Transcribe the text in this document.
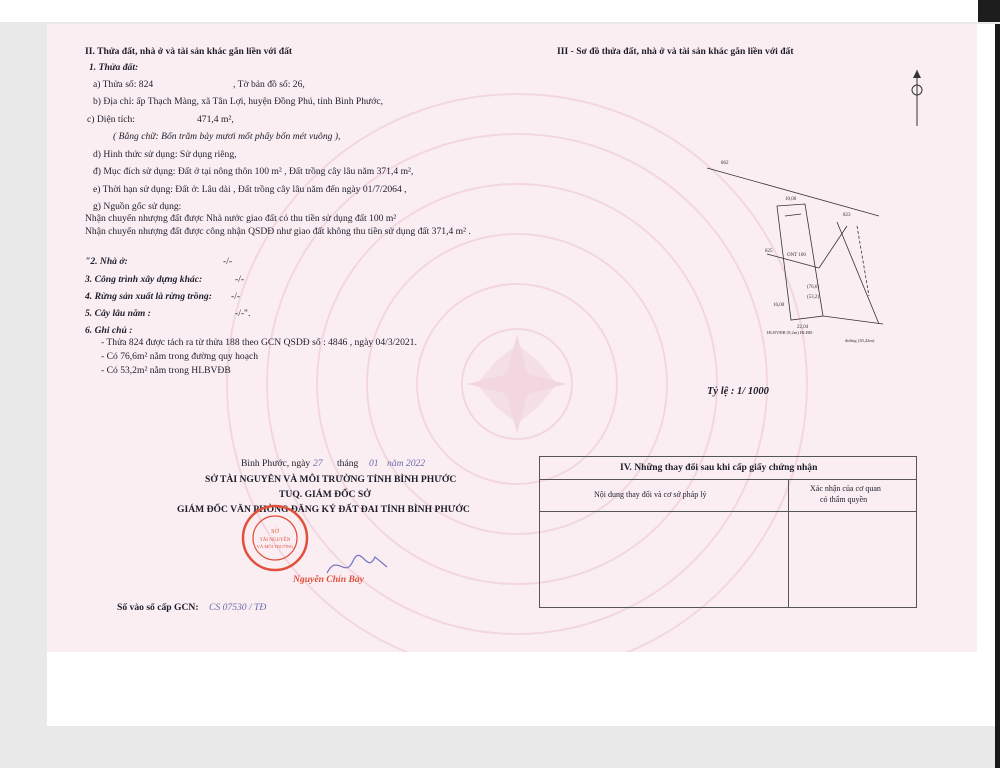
II. Thửa đất, nhà ở và tài sản khác gắn liền với đất
1. Thửa đất:
a) Thửa số: 824	, Tờ bản đồ số: 26,
b) Địa chỉ: ấp Thạch Màng, xã Tân Lợi, huyện Đồng Phú, tỉnh Bình Phước,
c) Diện tích:	471,4 m²,
( Bằng chữ: Bốn trăm bảy mươi mốt phẩy bốn mét vuông ),
d) Hình thức sử dụng: Sử dụng riêng,
đ) Mục đích sử dụng: Đất ở tại nông thôn 100 m² , Đất trồng cây lâu năm 371,4 m²,
e) Thời hạn sử dụng: Đất ở: Lâu dài , Đất trồng cây lâu năm đến ngày 01/7/2064 ,
g) Nguồn gốc sử dụng:
Nhận chuyển nhượng đất được Nhà nước giao đất có thu tiền sử dụng đất 100 m²
Nhận chuyển nhượng đất được công nhận QSDĐ như giao đất không thu tiền sử dụng đất 371,4 m² .
"2. Nhà ở:	-/-
3. Công trình xây dựng khác:	-/-
4. Rừng sản xuất là rừng trồng: -/-
5. Cây lâu năm :	-/-".
6. Ghi chú :
- Thửa 824 được tách ra từ thửa 188 theo GCN QSDĐ số : 4846 , ngày 04/3/2021.
- Có 76,6m² nằm trong đường quy hoạch
- Có 53,2m² nằm trong HLBVĐB
III - Sơ đồ thửa đất, nhà ở và tài sản khác gắn liền với đất
862
823
825
ONT 100
10,00
22,04
16,00
(76,6)
(53,2)
HLBVĐB (9,2m) HLĐĐ
đường (30,42m)
Tỷ lệ : 1/ 1000
Bình Phước, ngày 27 tháng 01 năm 2022
SỞ TÀI NGUYÊN VÀ MÔI TRƯỜNG TỈNH BÌNH PHƯỚC
TUQ. GIÁM ĐỐC SỞ
GIÁM ĐỐC VĂN PHÒNG ĐĂNG KÝ ĐẤT ĐAI TỈNH BÌNH PHƯỚC
SỞ
TÀI NGUYÊN
VÀ MÔI TRƯỜNG
Nguyễn Chín Bảy
Số vào sổ cấp GCN: CS 07530 / TĐ
IV. Những thay đổi sau khi cấp giấy chứng nhận
Nội dung thay đổi và cơ sở pháp lý
Xác nhận của cơ quan
có thẩm quyền
